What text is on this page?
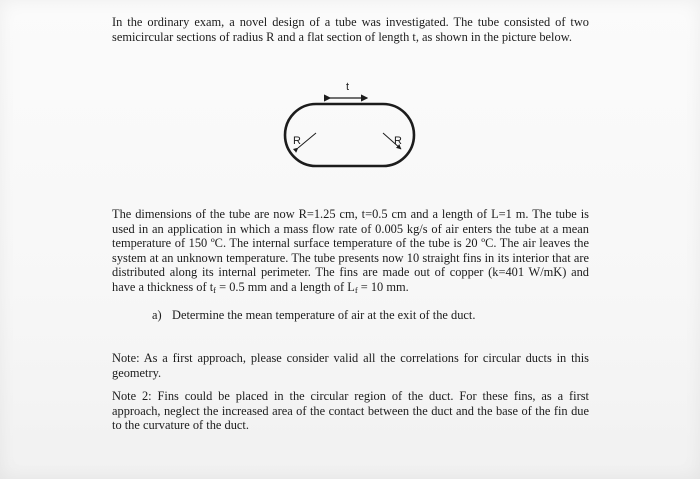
In the ordinary exam, a novel design of a tube was investigated. The tube consisted of two semicircular sections of radius R and a flat section of length t, as shown in the picture below.

t
R	R

The dimensions of the tube are now R=1.25 cm, t=0.5 cm and a length of L=1 m. The tube is used in an application in which a mass flow rate of 0.005 kg/s of air enters the tube at a mean temperature of 150 ºC. The internal surface temperature of the tube is 20 ºC. The air leaves the system at an unknown temperature. The tube presents now 10 straight fins in its interior that are distributed along its internal perimeter. The fins are made out of copper (k=401 W/mK) and have a thickness of $t_f = 0.5$ mm and a length of $L_f = 10$ mm.

a) Determine the mean temperature of air at the exit of the duct.

Note: As a first approach, please consider valid all the correlations for circular ducts in this geometry.

Note 2: Fins could be placed in the circular region of the duct. For these fins, as a first approach, neglect the increased area of the contact between the duct and the base of the fin due to the curvature of the duct.
